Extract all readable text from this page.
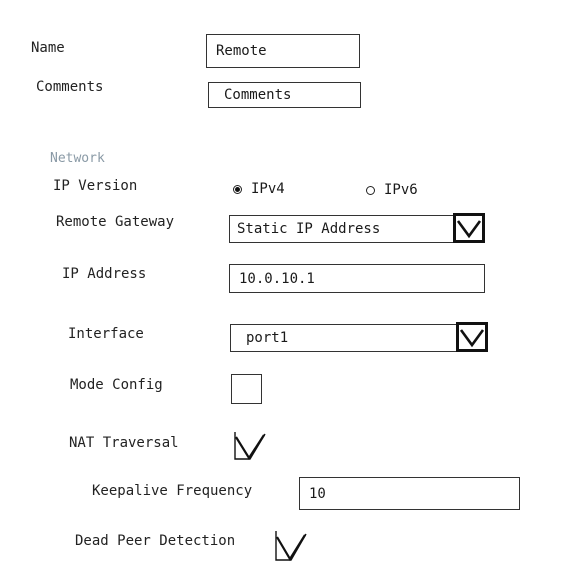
Name	Remote
Comments	Comments
Network
IP Version	IPv4	IPv6
Remote Gateway	Static IP Address
IP Address	10.0.10.1
Interface	port1
Mode Config
NAT Traversal
Keepalive Frequency	10
Dead Peer Detection
